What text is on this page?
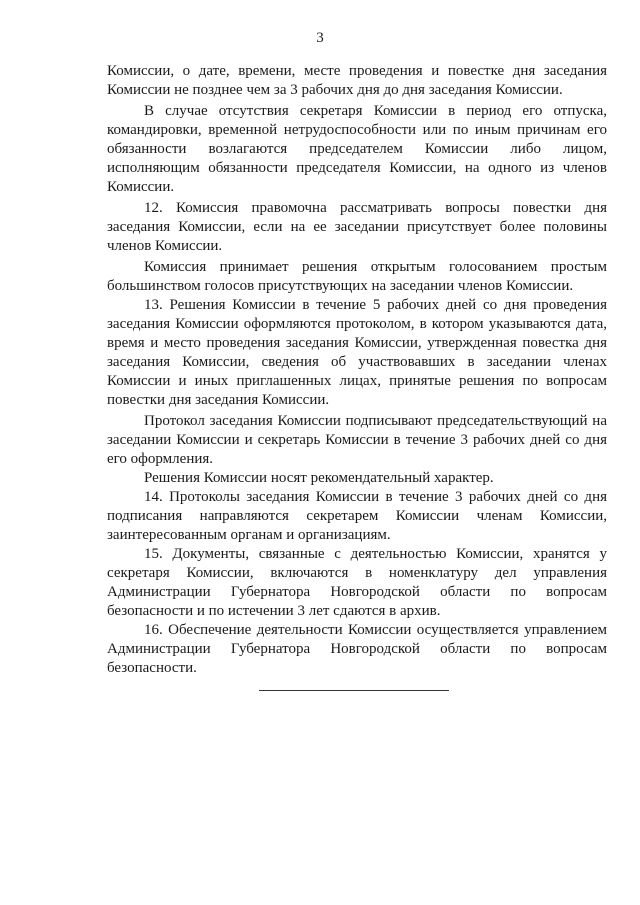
3

Комиссии, о дате, времени, месте проведения и повестке дня заседания Комиссии не позднее чем за 3 рабочих дня до дня заседания Комиссии.

В случае отсутствия секретаря Комиссии в период его отпуска, командировки, временной нетрудоспособности или по иным причинам его обязанности возлагаются председателем Комиссии либо лицом, исполняющим обязанности председателя Комиссии, на одного из членов Комиссии.

12. Комиссия правомочна рассматривать вопросы повестки дня заседания Комиссии, если на ее заседании присутствует более половины членов Комиссии.

Комиссия принимает решения открытым голосованием простым большинством голосов присутствующих на заседании членов Комиссии.

13. Решения Комиссии в течение 5 рабочих дней со дня проведения заседания Комиссии оформляются протоколом, в котором указываются дата, время и место проведения заседания Комиссии, утвержденная повестка дня заседания Комиссии, сведения об участвовавших в заседании членах Комиссии и иных приглашенных лицах, принятые решения по вопросам повестки дня заседания Комиссии.

Протокол заседания Комиссии подписывают председательствующий на заседании Комиссии и секретарь Комиссии в течение 3 рабочих дней со дня его оформления.

Решения Комиссии носят рекомендательный характер.

14. Протоколы заседания Комиссии в течение 3 рабочих дней со дня подписания направляются секретарем Комиссии членам Комиссии, заинтересованным органам и организациям.

15. Документы, связанные с деятельностью Комиссии, хранятся у секретаря Комиссии, включаются в номенклатуру дел управления Администрации Губернатора Новгородской области по вопросам безопасности и по истечении 3 лет сдаются в архив.

16. Обеспечение деятельности Комиссии осуществляется управлением Администрации Губернатора Новгородской области по вопросам безопасности.
